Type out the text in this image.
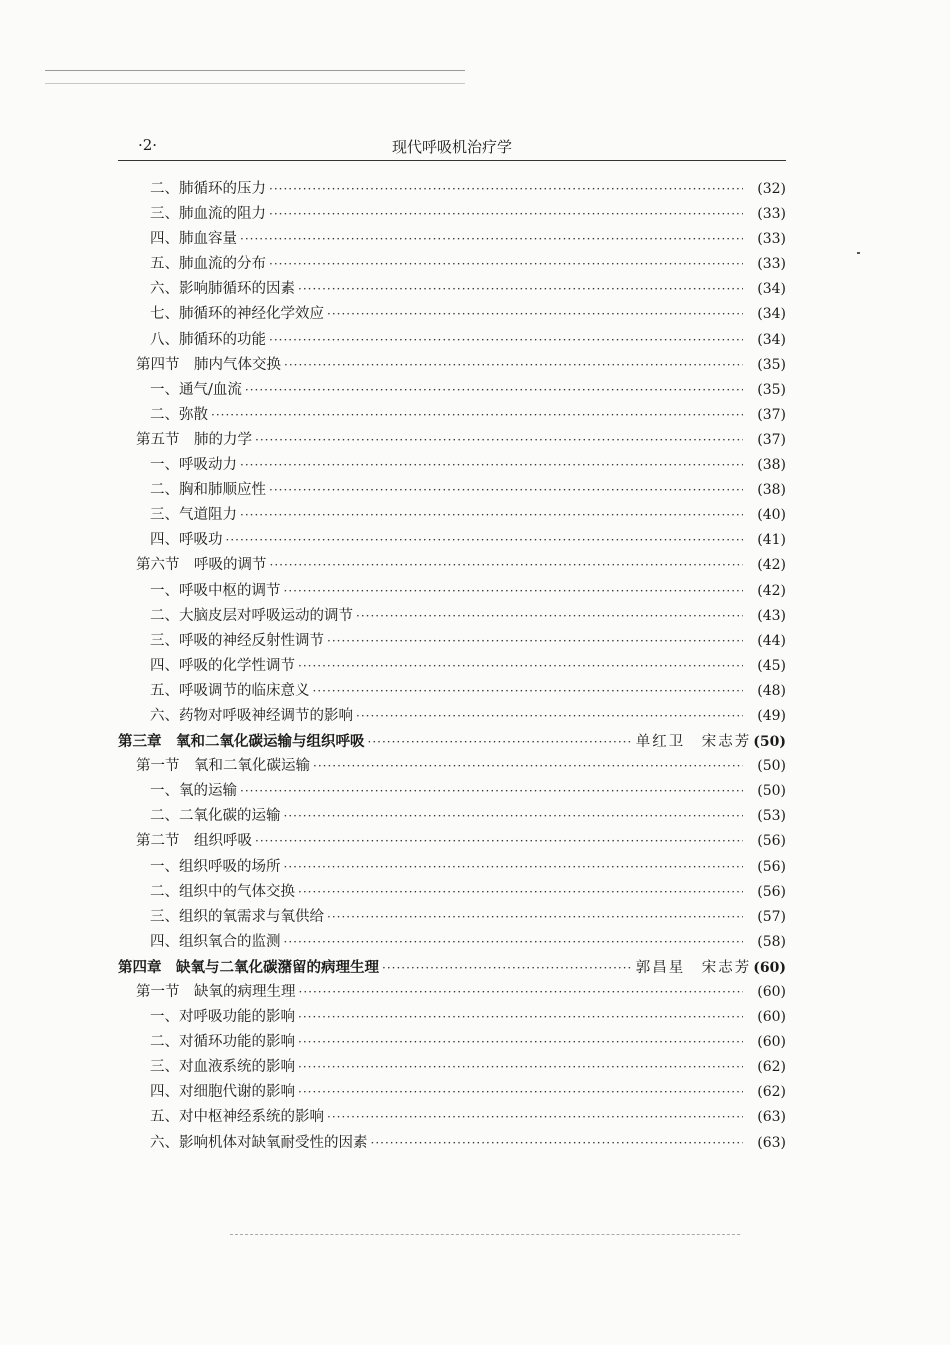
·2·	现代呼吸机治疗学
二、肺循环的压力 ·····	(32)
三、肺血流的阻力 ·····	(33)
四、肺血容量 ·····	(33)
五、肺血流的分布 ·····	(33)
六、影响肺循环的因素 ·····	(34)
七、肺循环的神经化学效应 ·····	(34)
八、肺循环的功能 ·····	(34)
第四节　肺内气体交换 ·····	(35)
一、通气/血流 ·····	(35)
二、弥散 ·····	(37)
第五节　肺的力学 ·····	(37)
一、呼吸动力 ·····	(38)
二、胸和肺顺应性 ·····	(38)
三、气道阻力 ·····	(40)
四、呼吸功 ·····	(41)
第六节　呼吸的调节 ·····	(42)
一、呼吸中枢的调节 ·····	(42)
二、大脑皮层对呼吸运动的调节 ·····	(43)
三、呼吸的神经反射性调节 ·····	(44)
四、呼吸的化学性调节 ·····	(45)
五、呼吸调节的临床意义 ·····	(48)
六、药物对呼吸神经调节的影响 ·····	(49)
第三章　氧和二氧化碳运输与组织呼吸 ·····	单红卫　宋志芳 (50)
第一节　氧和二氧化碳运输 ·····	(50)
一、氧的运输 ·····	(50)
二、二氧化碳的运输 ·····	(53)
第二节　组织呼吸 ·····	(56)
一、组织呼吸的场所 ·····	(56)
二、组织中的气体交换 ·····	(56)
三、组织的氧需求与氧供给 ·····	(57)
四、组织氧合的监测 ·····	(58)
第四章　缺氧与二氧化碳潴留的病理生理 ·····	郭昌星　宋志芳 (60)
第一节　缺氧的病理生理 ·····	(60)
一、对呼吸功能的影响 ·····	(60)
二、对循环功能的影响 ·····	(60)
三、对血液系统的影响 ·····	(62)
四、对细胞代谢的影响 ·····	(62)
五、对中枢神经系统的影响 ·····	(63)
六、影响机体对缺氧耐受性的因素 ·····	(63)
